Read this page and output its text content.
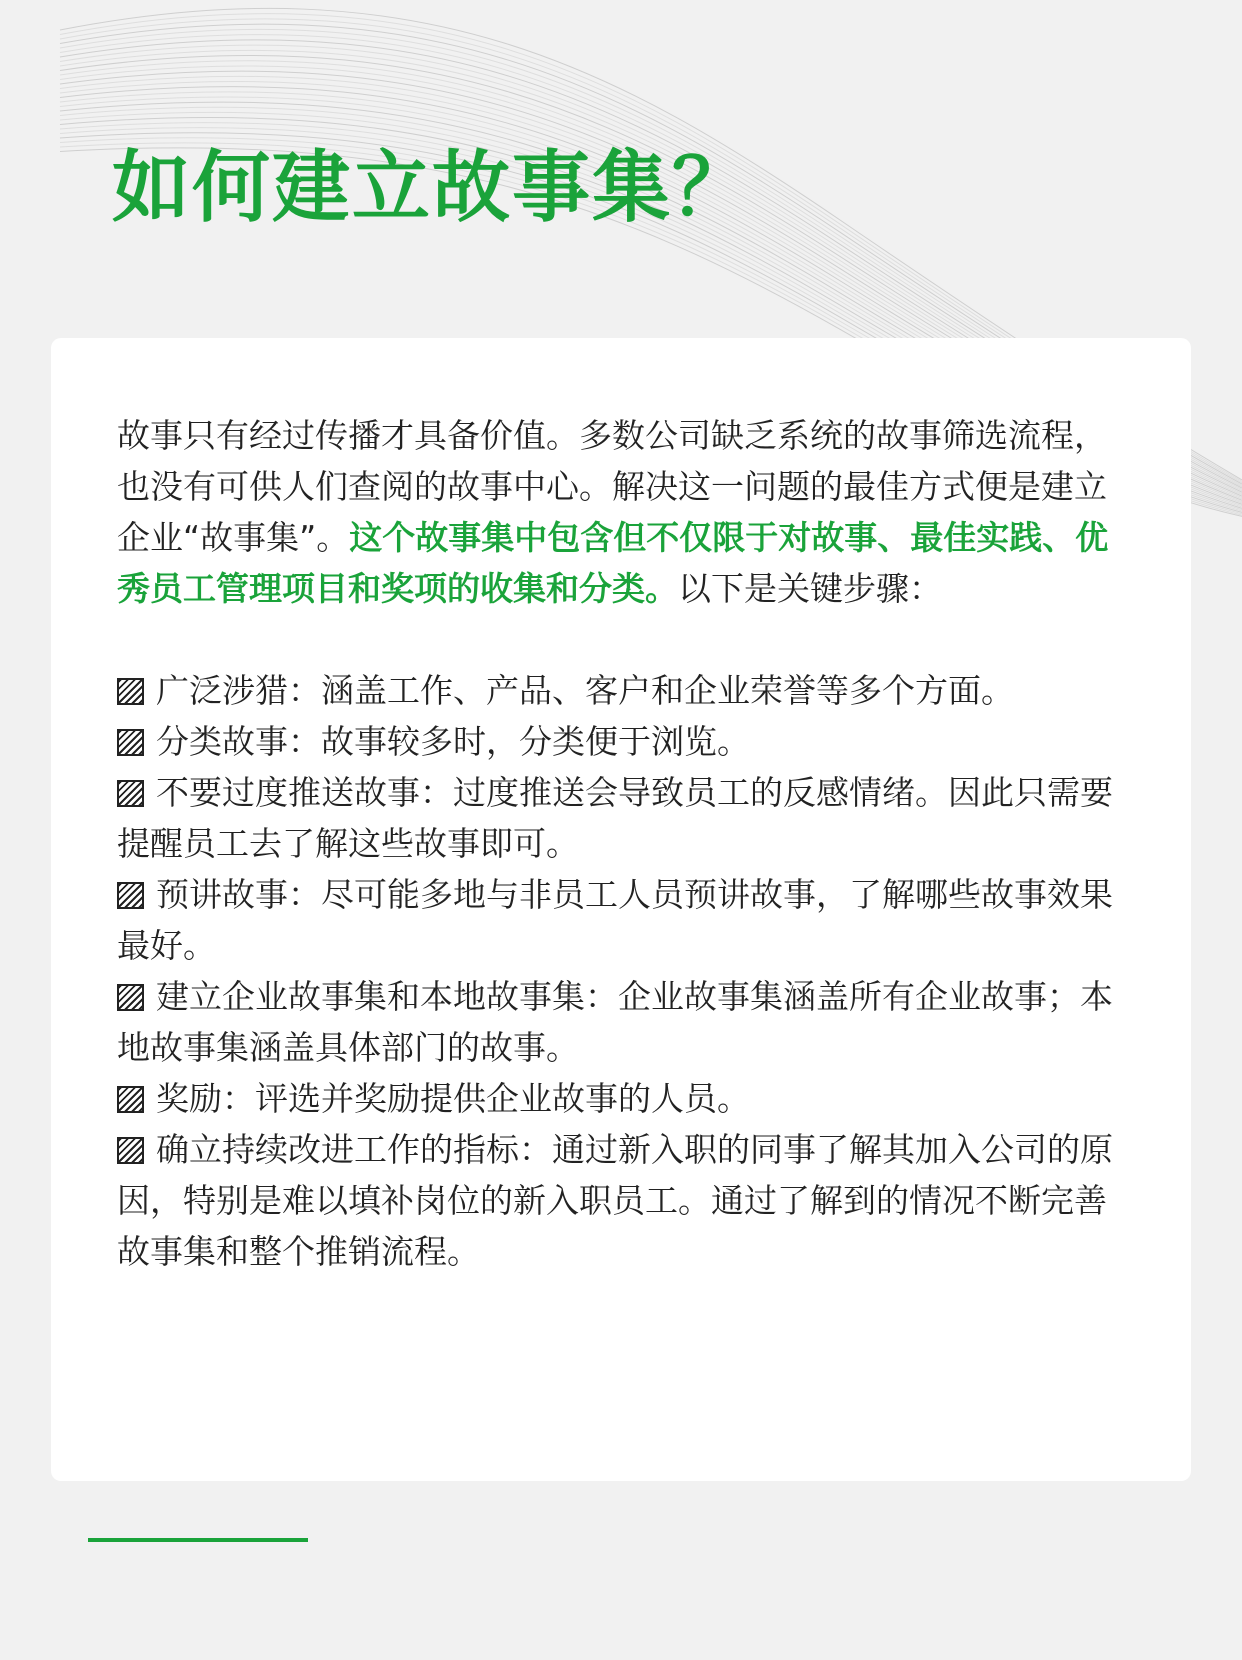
如何建立故事集？

故事只有经过传播才具备价值。多数公司缺乏系统的故事筛选流程，也没有可供人们查阅的故事中心。解决这一问题的最佳方式便是建立企业“故事集”。这个故事集中包含但不仅限于对故事、最佳实践、优秀员工管理项目和奖项的收集和分类。以下是关键步骤：

广泛涉猎：涵盖工作、产品、客户和企业荣誉等多个方面。

分类故事：故事较多时，分类便于浏览。

不要过度推送故事：过度推送会导致员工的反感情绪。因此只需要提醒员工去了解这些故事即可。

预讲故事：尽可能多地与非员工人员预讲故事，了解哪些故事效果最好。

建立企业故事集和本地故事集：企业故事集涵盖所有企业故事；本地故事集涵盖具体部门的故事。

奖励：评选并奖励提供企业故事的人员。

确立持续改进工作的指标：通过新入职的同事了解其加入公司的原因，特别是难以填补岗位的新入职员工。通过了解到的情况不断完善故事集和整个推销流程。
